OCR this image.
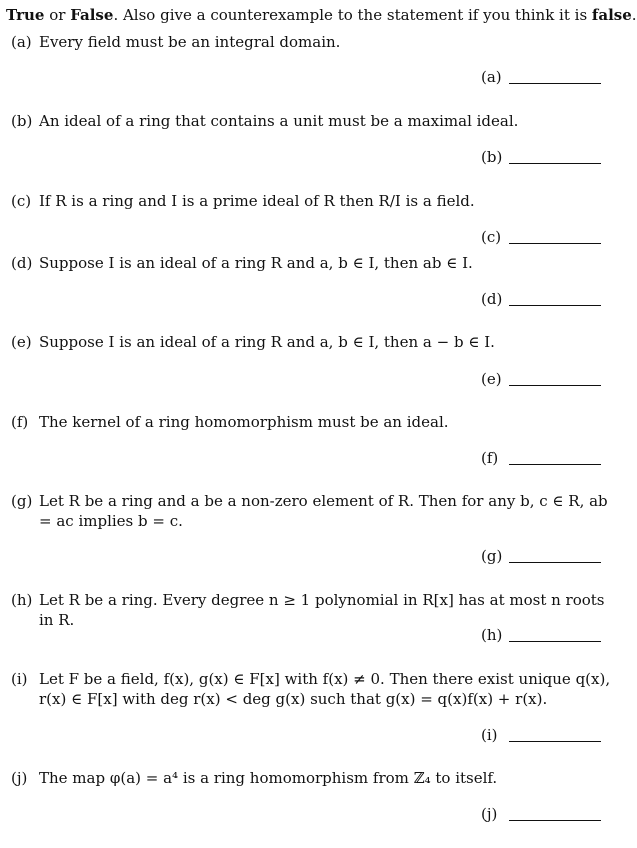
True or False. Also give a counterexample to the statement if you think it is false.
(a) Every field must be an integral domain.
(a)
(b) An ideal of a ring that contains a unit must be a maximal ideal.
(b)
(c) If R is a ring and I is a prime ideal of R then R/I is a field.
(c)
(d) Suppose I is an ideal of a ring R and a, b ∈ I, then ab ∈ I.
(d)
(e) Suppose I is an ideal of a ring R and a, b ∈ I, then a − b ∈ I.
(e)
(f) The kernel of a ring homomorphism must be an ideal.
(f)
(g) Let R be a ring and a be a non-zero element of R. Then for any b, c ∈ R, ab = ac implies b = c.
(g)
(h) Let R be a ring. Every degree n ≥ 1 polynomial in R[x] has at most n roots in R.
(h)
(i) Let F be a field, f(x), g(x) ∈ F[x] with f(x) ≠ 0. Then there exist unique q(x), r(x) ∈ F[x] with deg r(x) < deg g(x) such that g(x) = q(x)f(x) + r(x).
(i)
(j) The map φ(a) = a⁴ is a ring homomorphism from ℤ₄ to itself.
(j)
